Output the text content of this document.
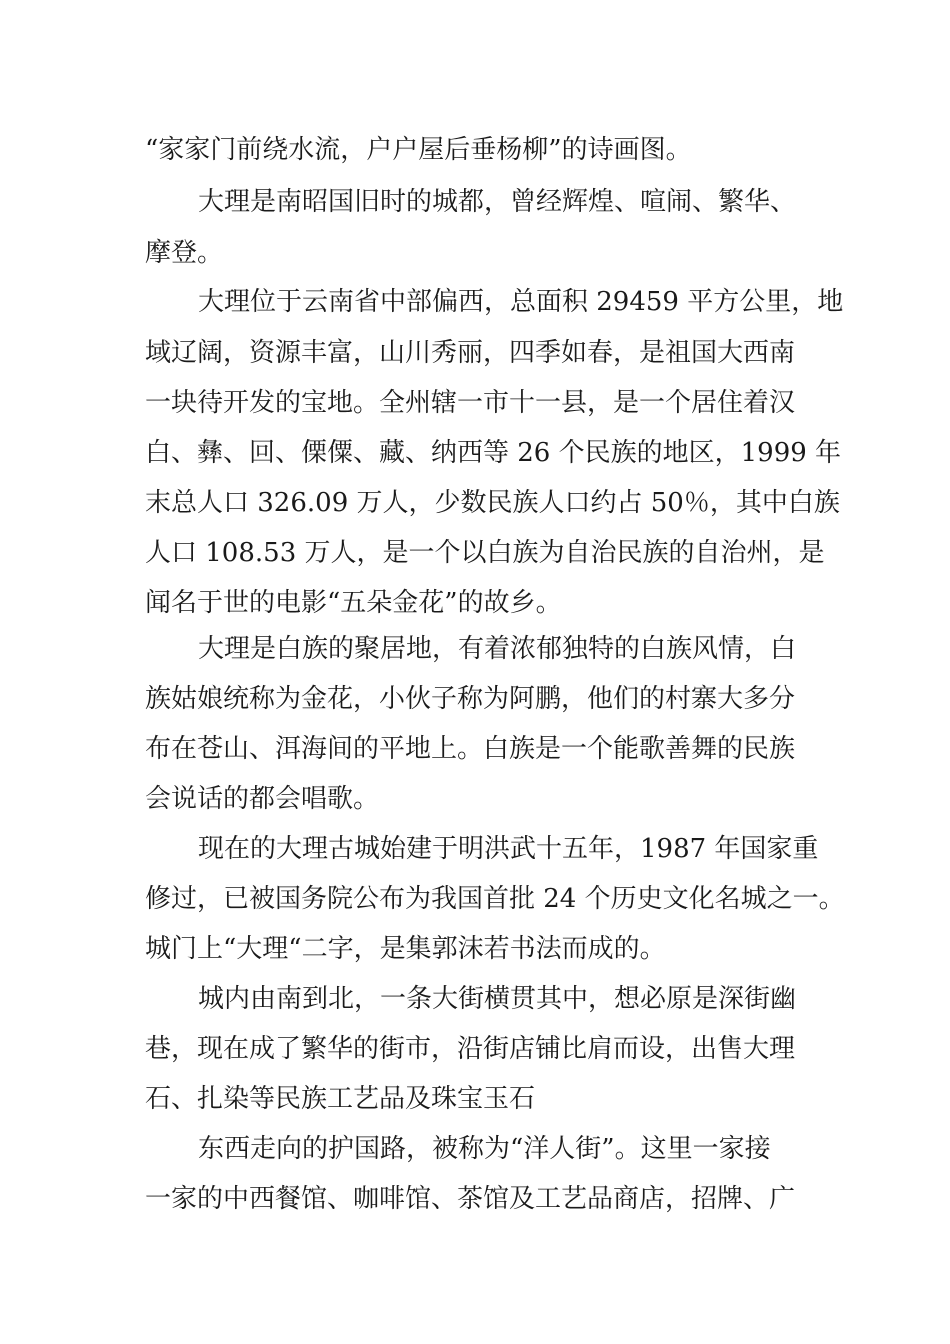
“家家门前绕水流，户户屋后垂杨柳”的诗画图。

大理是南昭国旧时的城都，曾经辉煌、喧闹、繁华、

摩登。

大理位于云南省中部偏西，总面积 29459 平方公里，地

域辽阔，资源丰富，山川秀丽，四季如春，是祖国大西南

一块待开发的宝地。全州辖一市十一县，是一个居住着汉

白、彝、回、傈僳、藏、纳西等 26 个民族的地区，1999 年

末总人口 326.09 万人，少数民族人口约占 50％，其中白族

人口 108.53 万人，是一个以白族为自治民族的自治州，是

闻名于世的电影“五朵金花”的故乡。

大理是白族的聚居地，有着浓郁独特的白族风情，白

族姑娘统称为金花，小伙子称为阿鹏，他们的村寨大多分

布在苍山、洱海间的平地上。白族是一个能歌善舞的民族

会说话的都会唱歌。

现在的大理古城始建于明洪武十五年，1987 年国家重

修过，已被国务院公布为我国首批 24 个历史文化名城之一。

城门上“大理“二字，是集郭沫若书法而成的。

城内由南到北，一条大街横贯其中，想必原是深街幽

巷，现在成了繁华的街市，沿街店铺比肩而设，出售大理

石、扎染等民族工艺品及珠宝玉石

东西走向的护国路，被称为“洋人街”。这里一家接

一家的中西餐馆、咖啡馆、茶馆及工艺品商店，招牌、广
